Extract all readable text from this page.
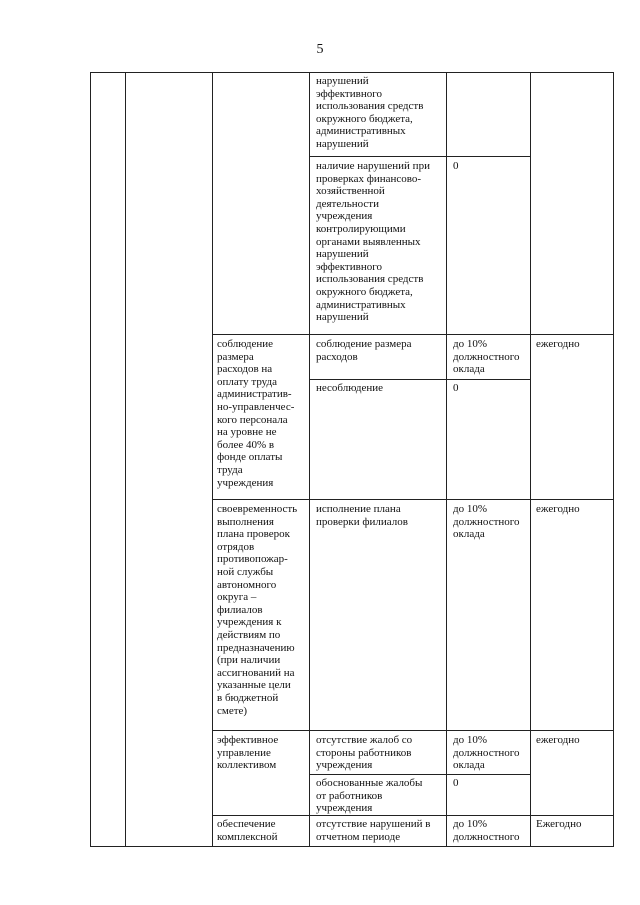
5
нарушений
эффективного
использования средств
окружного бюджета,
административных
нарушений
наличие нарушений при
проверках финансово-
хозяйственной
деятельности
учреждения
контролирующими
органами выявленных
нарушений
эффективного
использования средств
окружного бюджета,
административных
нарушений
0
соблюдение
размера
расходов на
оплату труда
административ-
но-управленчес-
кого персонала
на уровне не
более 40% в
фонде оплаты
труда
учреждения
соблюдение размера
расходов
до 10%
должностного
оклада
ежегодно
несоблюдение	0
своевременность
выполнения
плана проверок
отрядов
противопожар-
ной службы
автономного
округа –
филиалов
учреждения к
действиям по
предназначению
(при наличии
ассигнований на
указанные цели
в бюджетной
смете)
исполнение плана
проверки филиалов
до 10%
должностного
оклада
ежегодно
эффективное
управление
коллективом
отсутствие жалоб со
стороны работников
учреждения
до 10%
должностного
оклада
ежегодно
обоснованные жалобы
от работников
учреждения
0
обеспечение
комплексной
отсутствие нарушений в
отчетном периоде
до 10%
должностного
Ежегодно
